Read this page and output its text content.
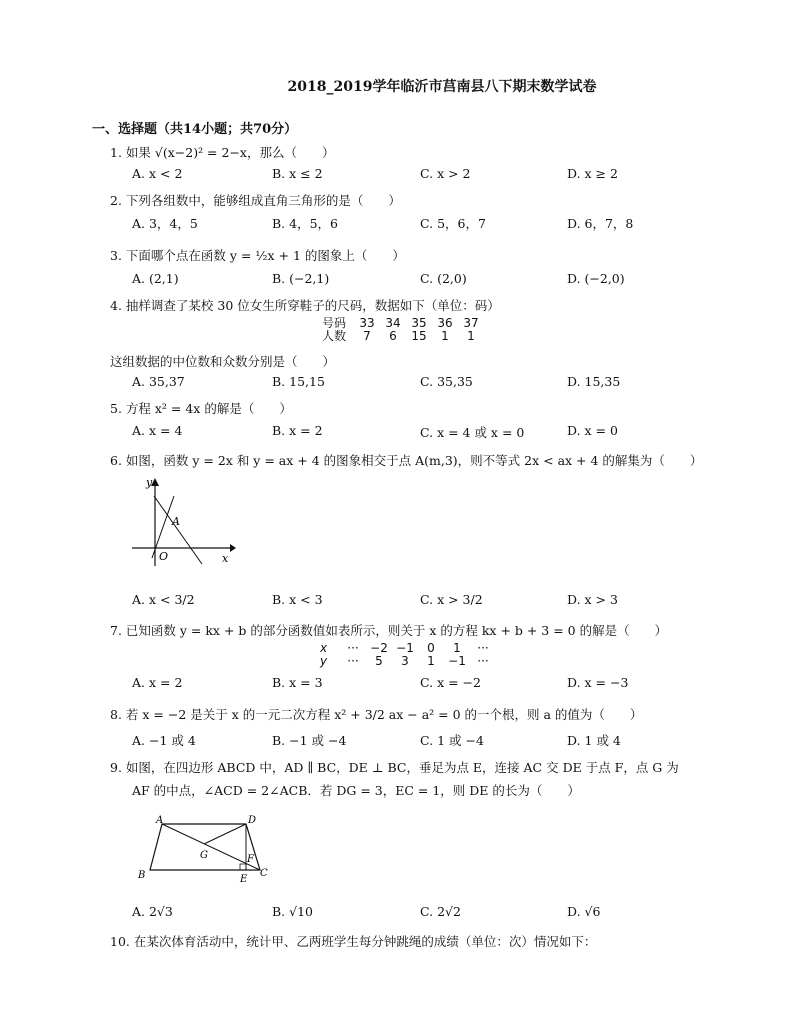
2018_2019学年临沂市莒南县八下期末数学试卷
一、选择题（共14小题；共70分）
1. 如果 √(x−2)² = 2−x，那么（　　）
A. x < 2	B. x ≤ 2	C. x > 2	D. x ≥ 2
2. 下列各组数中，能够组成直角三角形的是（　　）
A. 3，4，5	B. 4，5，6	C. 5，6，7	D. 6，7，8
3. 下面哪个点在函数 y = ½x + 1 的图象上（　　）
A. (2,1)	B. (−2,1)	C. (2,0)	D. (−2,0)
4. 抽样调查了某校 30 位女生所穿鞋子的尺码，数据如下（单位：码）
号码	33 34 35 36 37
人数	7	6	15	1	1
这组数据的中位数和众数分别是（　　）
A. 35,37	B. 15,15	C. 35,35	D. 15,35
5. 方程 x² = 4x 的解是（　　）
A. x = 4	B. x = 2	C. x = 4 或 x = 0	D. x = 0
6. 如图，函数 y = 2x 和 y = ax + 4 的图象相交于点 A(m,3)，则不等式 2x < ax + 4 的解集为（　　）
y
A
O	x
A. x < 3/2	B. x < 3	C. x > 3/2	D. x > 3
7. 已知函数 y = kx + b 的部分函数值如表所示，则关于 x 的方程 kx + b + 3 = 0 的解是（　　）
x	··· −2 −1	0	1	···
y	···	5	3	1	−1 ···
A. x = 2	B. x = 3	C. x = −2	D. x = −3
8. 若 x = −2 是关于 x 的一元二次方程 x² + 3/2 ax − a² = 0 的一个根，则 a 的值为（　　）
A. −1 或 4	B. −1 或 −4	C. 1 或 −4	D. 1 或 4
9. 如图，在四边形 ABCD 中，AD ∥ BC，DE ⊥ BC，垂足为点 E，连接 AC 交 DE 于点 F，点 G 为
AF 的中点，∠ACD = 2∠ACB．若 DG = 3，EC = 1，则 DE 的长为（　　）
A	D
G	F
B	E
C
A. 2√3	B. √10	C. 2√2	D. √6
10. 在某次体育活动中，统计甲、乙两班学生每分钟跳绳的成绩（单位：次）情况如下：
